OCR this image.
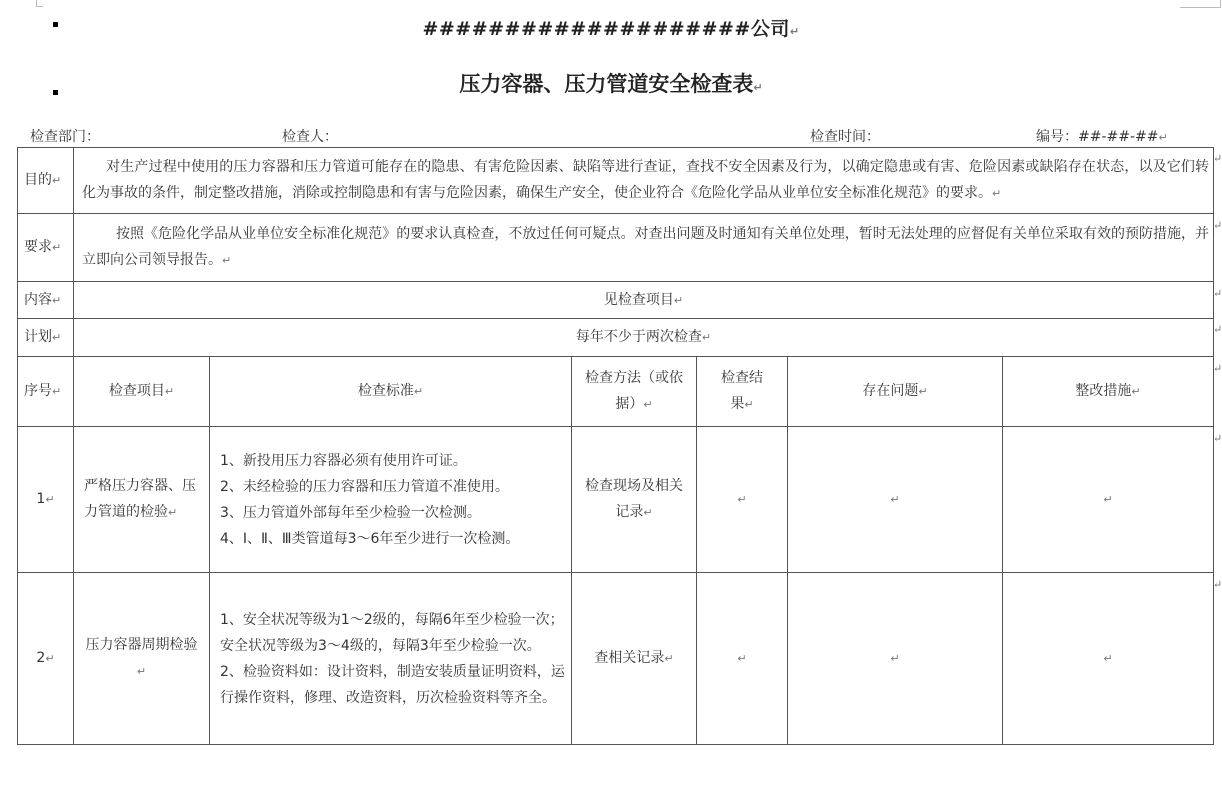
####################公司↵
压力容器、压力管道安全检查表↵
检查部门：	检查人：	检查时间：	编号：##-##-##↵
目的↵	对生产过程中使用的压力容器和压力管道可能存在的隐患、有害危险因素、缺陷等进行查证，查找不安全因素及行为，以确定隐患或有害、危险因素或缺陷存在状态，以及它们转化为事故的条件，制定整改措施，消除或控制隐患和有害与危险因素，确保生产安全，使企业符合《危险化学品从业单位安全标准化规范》的要求。↵					
要求↵	按照《危险化学品从业单位安全标准化规范》的要求认真检查，不放过任何可疑点。对查出问题及时通知有关单位处理，暂时无法处理的应督促有关单位采取有效的预防措施，并立即向公司领导报告。↵					
内容↵	见检查项目↵					
计划↵	每年不少于两次检查↵					
序号↵	检查项目↵	检查标准↵	检查方法（或依据）↵	检查结果↵	存在问题↵	整改措施↵
1↵	严格压力容器、压力管道的检验↵	1、新投用压力容器必须有使用许可证。
2、未经检验的压力容器和压力管道不准使用。
3、压力管道外部每年至少检验一次检测。
4、Ⅰ、Ⅱ、Ⅲ类管道每3～6年至少进行一次检测。	检查现场及相关记录↵	↵	↵	↵
2↵	压力容器周期检验↵	1、安全状况等级为1～2级的，每隔6年至少检验一次；安全状况等级为3～4级的，每隔3年至少检验一次。
2、检验资料如：设计资料，制造安装质量证明资料，运行操作资料，修理、改造资料，历次检验资料等齐全。	查相关记录↵	↵	↵	↵
↵
↵
↵
↵
↵
↵
↵
